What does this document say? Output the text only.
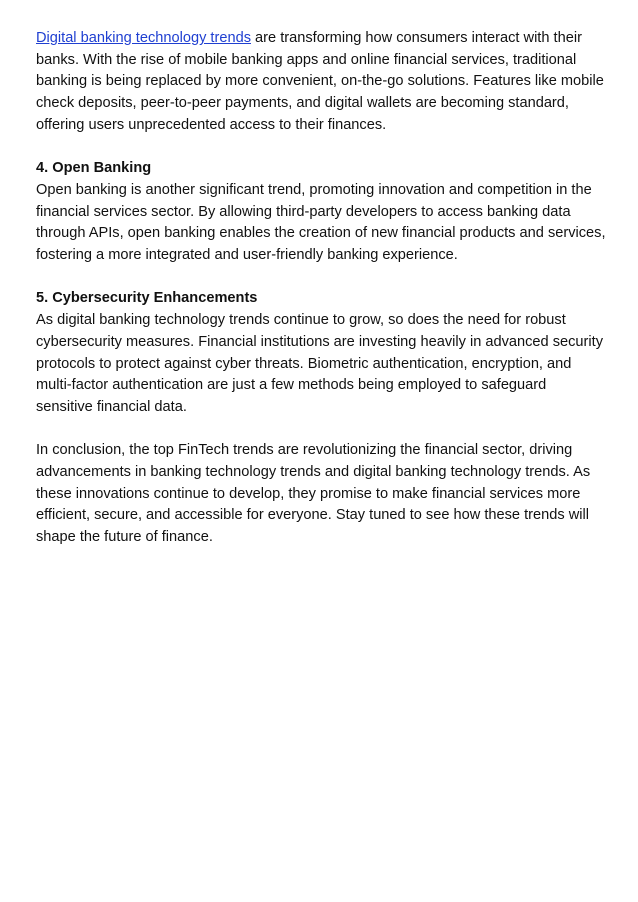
Digital banking technology trends are transforming how consumers interact with their banks. With the rise of mobile banking apps and online financial services, traditional banking is being replaced by more convenient, on-the-go solutions. Features like mobile check deposits, peer-to-peer payments, and digital wallets are becoming standard, offering users unprecedented access to their finances.

4. Open Banking

Open banking is another significant trend, promoting innovation and competition in the financial services sector. By allowing third-party developers to access banking data through APIs, open banking enables the creation of new financial products and services, fostering a more integrated and user-friendly banking experience.

5. Cybersecurity Enhancements

As digital banking technology trends continue to grow, so does the need for robust cybersecurity measures. Financial institutions are investing heavily in advanced security protocols to protect against cyber threats. Biometric authentication, encryption, and multi-factor authentication are just a few methods being employed to safeguard sensitive financial data.

In conclusion, the top FinTech trends are revolutionizing the financial sector, driving advancements in banking technology trends and digital banking technology trends. As these innovations continue to develop, they promise to make financial services more efficient, secure, and accessible for everyone. Stay tuned to see how these trends will shape the future of finance.
